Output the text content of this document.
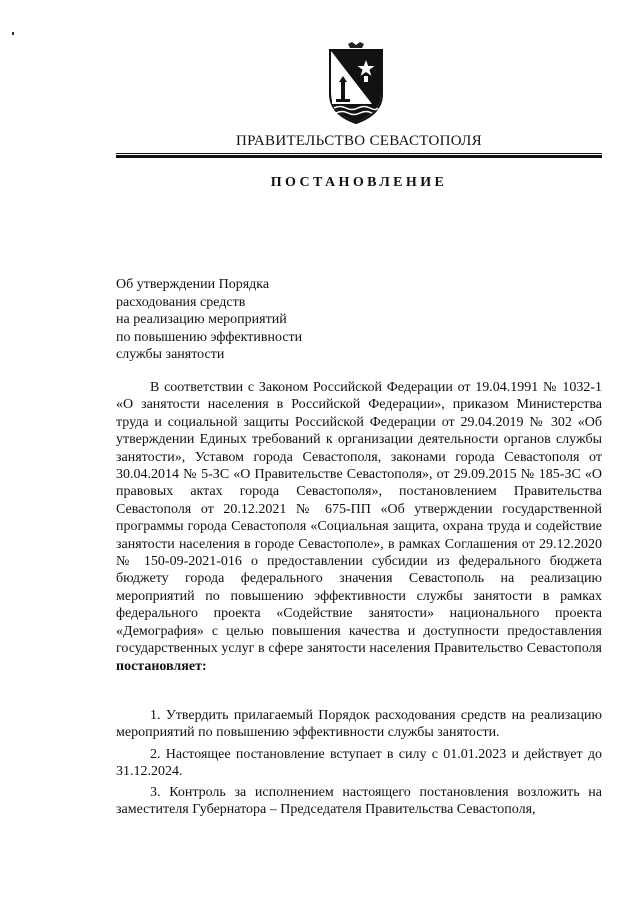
ПРАВИТЕЛЬСТВО СЕВАСТОПОЛЯ
ПОСТАНОВЛЕНИЕ
Об утверждении Порядка
расходования средств
на реализацию мероприятий
по повышению эффективности
службы занятости

В соответствии с Законом Российской Федерации от 19.04.1991 № 1032-1 «О занятости населения в Российской Федерации», приказом Министерства труда и социальной защиты Российской Федерации от 29.04.2019 № 302 «Об утверждении Единых требований к организации деятельности органов службы занятости», Уставом города Севастополя, законами города Севастополя от 30.04.2014 № 5-ЗС «О Правительстве Севастополя», от 29.09.2015 № 185-ЗС «О правовых актах города Севастополя», постановлением Правительства Севастополя от 20.12.2021 № 675-ПП «Об утверждении государственной программы города Севастополя «Социальная защита, охрана труда и содействие занятости населения в городе Севастополе», в рамках Соглашения от 29.12.2020 № 150-09-2021-016 о предоставлении субсидии из федерального бюджета бюджету города федерального значения Севастополь на реализацию мероприятий по повышению эффективности службы занятости в рамках федерального проекта «Содействие занятости» национального проекта «Демография» с целью повышения качества и доступности предоставления государственных услуг в сфере занятости населения Правительство Севастополя постановляет:

1. Утвердить прилагаемый Порядок расходования средств на реализацию мероприятий по повышению эффективности службы занятости.

2. Настоящее постановление вступает в силу с 01.01.2023 и действует до 31.12.2024.

3. Контроль за исполнением настоящего постановления возложить на заместителя Губернатора – Председателя Правительства Севастополя,
